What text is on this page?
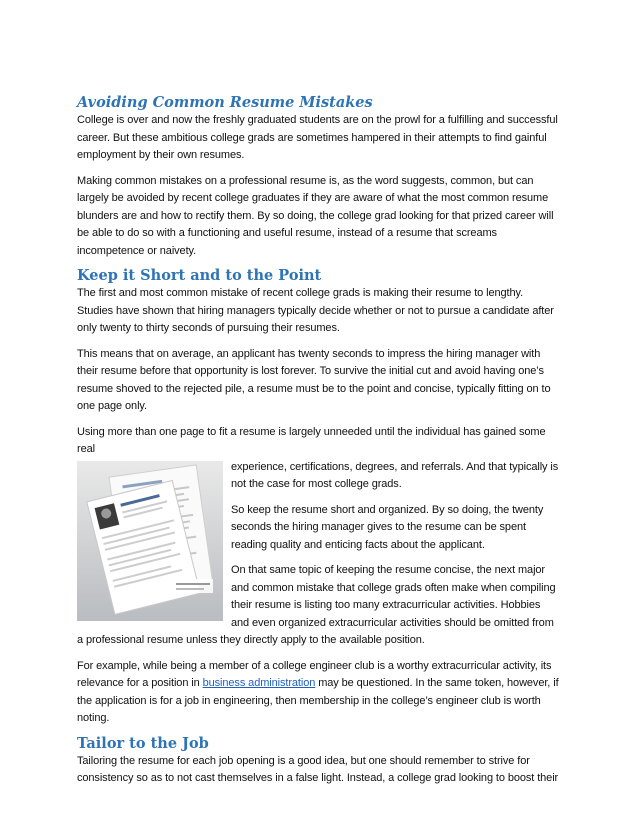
Avoiding Common Resume Mistakes

College is over and now the freshly graduated students are on the prowl for a fulfilling and successful career. But these ambitious college grads are sometimes hampered in their attempts to find gainful employment by their own resumes.

Making common mistakes on a professional resume is, as the word suggests, common, but can largely be avoided by recent college graduates if they are aware of what the most common resume blunders are and how to rectify them. By so doing, the college grad looking for that prized career will be able to do so with a functioning and useful resume, instead of a resume that screams incompetence or naivety.

Keep it Short and to the Point

The first and most common mistake of recent college grads is making their resume to lengthy. Studies have shown that hiring managers typically decide whether or not to pursue a candidate after only twenty to thirty seconds of pursuing their resumes.

This means that on average, an applicant has twenty seconds to impress the hiring manager with their resume before that opportunity is lost forever. To survive the initial cut and avoid having one’s resume shoved to the rejected pile, a resume must be to the point and concise, typically fitting on to one page only.

Using more than one page to fit a resume is largely unneeded until the individual has gained some real

experience, certifications, degrees, and referrals. And that typically is not the case for most college grads.

So keep the resume short and organized. By so doing, the twenty seconds the hiring manager gives to the resume can be spent reading quality and enticing facts about the applicant.

On that same topic of keeping the resume concise, the next major and common mistake that college grads often make when compiling their resume is listing too many extracurricular activities. Hobbies and even organized extracurricular activities should be omitted from a professional resume unless they directly apply to the available position.

For example, while being a member of a college engineer club is a worthy extracurricular activity, its relevance for a position in business administration may be questioned. In the same token, however, if the application is for a job in engineering, then membership in the college’s engineer club is worth noting.

Tailor to the Job

Tailoring the resume for each job opening is a good idea, but one should remember to strive for consistency so as to not cast themselves in a false light. Instead, a college grad looking to boost their
